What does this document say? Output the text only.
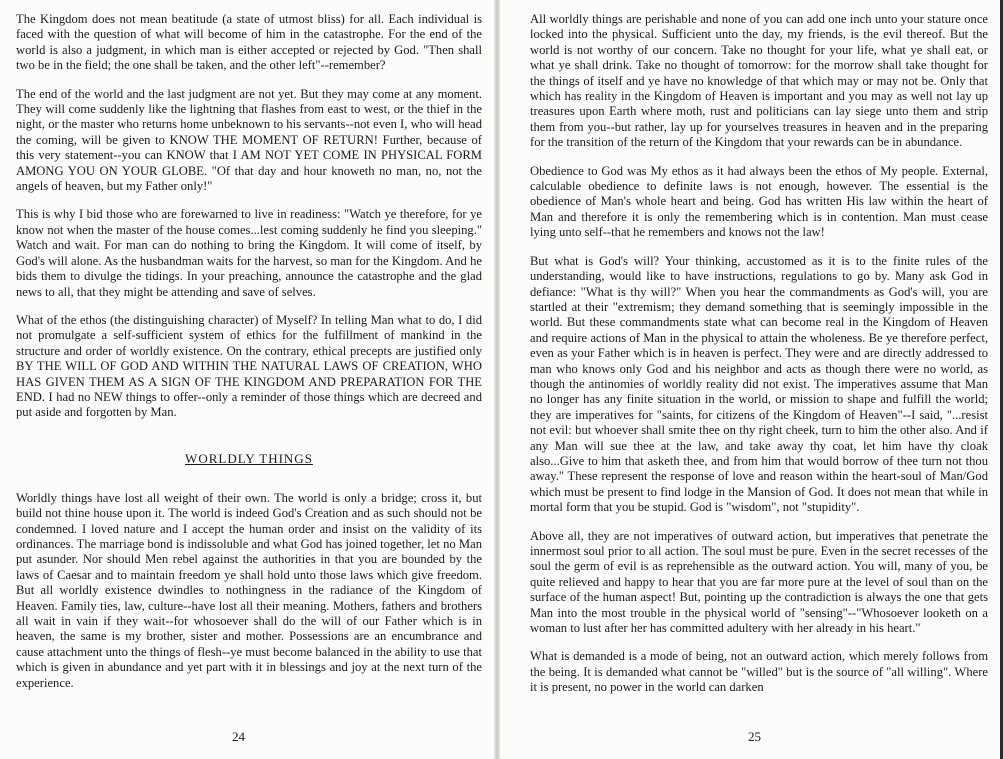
The Kingdom does not mean beatitude (a state of utmost bliss) for all. Each individual is faced with the question of what will become of him in the catastrophe. For the end of the world is also a judgment, in which man is either accepted or rejected by God. "Then shall two be in the field; the one shall be taken, and the other left"--remember?

The end of the world and the last judgment are not yet. But they may come at any moment. They will come suddenly like the lightning that flashes from east to west, or the thief in the night, or the master who returns home unbeknown to his servants--not even I, who will head the coming, will be given to KNOW THE MOMENT OF RETURN! Further, because of this very statement--you can KNOW that I AM NOT YET COME IN PHYSICAL FORM AMONG YOU ON YOUR GLOBE. "Of that day and hour knoweth no man, no, not the angels of heaven, but my Father only!"

This is why I bid those who are forewarned to live in readiness: "Watch ye therefore, for ye know not when the master of the house comes...lest coming suddenly he find you sleeping." Watch and wait. For man can do nothing to bring the Kingdom. It will come of itself, by God's will alone. As the husbandman waits for the harvest, so man for the Kingdom. And he bids them to divulge the tidings. In your preaching, announce the catastrophe and the glad news to all, that they might be attending and save of selves.

What of the ethos (the distinguishing character) of Myself? In telling Man what to do, I did not promulgate a self-sufficient system of ethics for the fulfillment of mankind in the structure and order of worldly existence. On the contrary, ethical precepts are justified only BY THE WILL OF GOD AND WITHIN THE NATURAL LAWS OF CREATION, WHO HAS GIVEN THEM AS A SIGN OF THE KINGDOM AND PREPARATION FOR THE END. I had no NEW things to offer--only a reminder of those things which are decreed and put aside and forgotten by Man.

WORLDLY THINGS

Worldly things have lost all weight of their own. The world is only a bridge; cross it, but build not thine house upon it. The world is indeed God's Creation and as such should not be condemned. I loved nature and I accept the human order and insist on the validity of its ordinances. The marriage bond is indissoluble and what God has joined together, let no Man put asunder. Nor should Men rebel against the authorities in that you are bounded by the laws of Caesar and to maintain freedom ye shall hold unto those laws which give freedom. But all worldly existence dwindles to nothingness in the radiance of the Kingdom of Heaven. Family ties, law, culture--have lost all their meaning. Mothers, fathers and brothers all wait in vain if they wait--for whosoever shall do the will of our Father which is in heaven, the same is my brother, sister and mother. Possessions are an encumbrance and cause attachment unto the things of flesh--ye must become balanced in the ability to use that which is given in abundance and yet part with it in blessings and joy at the next turn of the experience.

24

All worldly things are perishable and none of you can add one inch unto your stature once locked into the physical. Sufficient unto the day, my friends, is the evil thereof. But the world is not worthy of our concern. Take no thought for your life, what ye shall eat, or what ye shall drink. Take no thought of tomorrow: for the morrow shall take thought for the things of itself and ye have no knowledge of that which may or may not be. Only that which has reality in the Kingdom of Heaven is important and you may as well not lay up treasures upon Earth where moth, rust and politicians can lay siege unto them and strip them from you--but rather, lay up for yourselves treasures in heaven and in the preparing for the transition of the return of the Kingdom that your rewards can be in abundance.

Obedience to God was My ethos as it had always been the ethos of My people. External, calculable obedience to definite laws is not enough, however. The essential is the obedience of Man's whole heart and being. God has written His law within the heart of Man and therefore it is only the remembering which is in contention. Man must cease lying unto self--that he remembers and knows not the law!

But what is God's will? Your thinking, accustomed as it is to the finite rules of the understanding, would like to have instructions, regulations to go by. Many ask God in defiance: "What is thy will?" When you hear the commandments as God's will, you are startled at their "extremism; they demand something that is seemingly impossible in the world. But these commandments state what can become real in the Kingdom of Heaven and require actions of Man in the physical to attain the wholeness. Be ye therefore perfect, even as your Father which is in heaven is perfect. They were and are directly addressed to man who knows only God and his neighbor and acts as though there were no world, as though the antinomies of worldly reality did not exist. The imperatives assume that Man no longer has any finite situation in the world, or mission to shape and fulfill the world; they are imperatives for "saints, for citizens of the Kingdom of Heaven"--I said, "...resist not evil: but whoever shall smite thee on thy right cheek, turn to him the other also. And if any Man will sue thee at the law, and take away thy coat, let him have thy cloak also...Give to him that asketh thee, and from him that would borrow of thee turn not thou away." These represent the response of love and reason within the heart-soul of Man/God which must be present to find lodge in the Mansion of God. It does not mean that while in mortal form that you be stupid. God is "wisdom", not "stupidity".

Above all, they are not imperatives of outward action, but imperatives that penetrate the innermost soul prior to all action. The soul must be pure. Even in the secret recesses of the soul the germ of evil is as reprehensible as the outward action. You will, many of you, be quite relieved and happy to hear that you are far more pure at the level of soul than on the surface of the human aspect! But, pointing up the contradiction is always the one that gets Man into the most trouble in the physical world of "sensing"--"Whosoever looketh on a woman to lust after her has committed adultery with her already in his heart."

What is demanded is a mode of being, not an outward action, which merely follows from the being. It is demanded what cannot be "willed" but is the source of "all willing". Where it is present, no power in the world can darken

25
